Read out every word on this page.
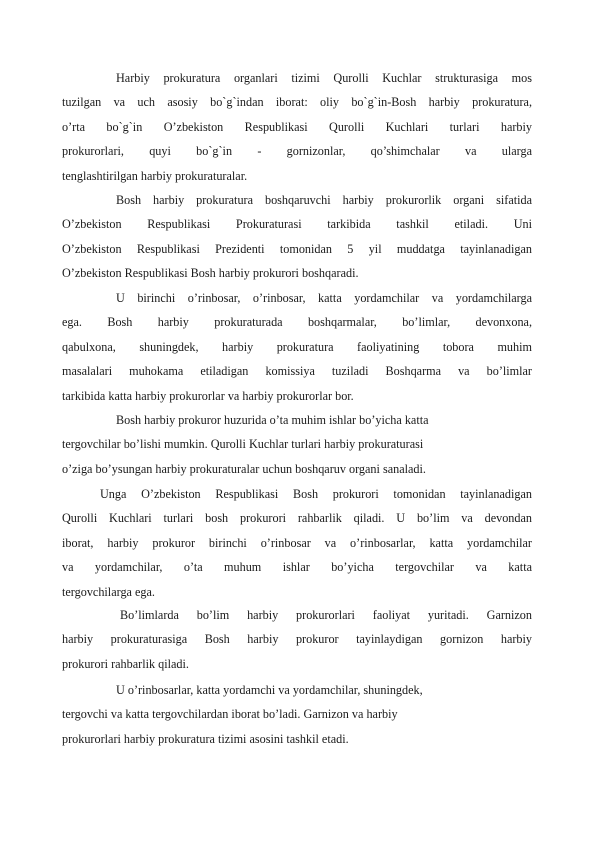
Harbiy prokuratura organlari tizimi Qurolli Kuchlar strukturasiga mos
tuzilgan va uch asosiy bo`g`indan iborat: oliy bo`g`in-Bosh harbiy prokuratura,
o’rta bo`g`in O’zbekiston Respublikasi Qurolli Kuchlari turlari harbiy
prokurorlari, quyi bo`g`in - gornizonlar, qo’shimchalar va ularga
tenglashtirilgan harbiy prokuraturalar.
Bosh harbiy prokuratura boshqaruvchi harbiy prokurorlik organi sifatida
O’zbekiston Respublikasi Prokuraturasi tarkibida tashkil etiladi. Uni
O’zbekiston Respublikasi Prezidenti tomonidan 5 yil muddatga tayinlanadigan
O’zbekiston Respublikasi Bosh harbiy prokurori boshqaradi.
U birinchi o’rinbosar, o’rinbosar, katta yordamchilar va yordamchilarga
ega. Bosh harbiy prokuraturada boshqarmalar, bo’limlar, devonxona,
qabulxona, shuningdek, harbiy prokuratura faoliyatining tobora muhim
masalalari muhokama etiladigan komissiya tuziladi Boshqarma va bo’limlar
tarkibida katta harbiy prokurorlar va harbiy prokurorlar bor.
Bosh harbiy prokuror huzurida o’ta muhim ishlar bo’yicha katta
tergovchilar bo’lishi mumkin. Qurolli Kuchlar turlari harbiy prokuraturasi
o’ziga bo’ysungan harbiy prokuraturalar uchun boshqaruv organi sanaladi.
Unga O’zbekiston Respublikasi Bosh prokurori tomonidan tayinlanadigan
Qurolli Kuchlari turlari bosh prokurori rahbarlik qiladi. U bo’lim va devondan
iborat, harbiy prokuror birinchi o’rinbosar va o’rinbosarlar, katta yordamchilar
va yordamchilar, o’ta muhum ishlar bo’yicha tergovchilar va katta
tergovchilarga ega.
Bo’limlarda bo’lim harbiy prokurorlari faoliyat yuritadi. Garnizon
harbiy prokuraturasiga Bosh harbiy prokuror tayinlaydigan gornizon harbiy
prokurori rahbarlik qiladi.
U o’rinbosarlar, katta yordamchi va yordamchilar, shuningdek,
tergovchi va katta tergovchilardan iborat bo’ladi. Garnizon va harbiy
prokurorlari harbiy prokuratura tizimi asosini tashkil etadi.
